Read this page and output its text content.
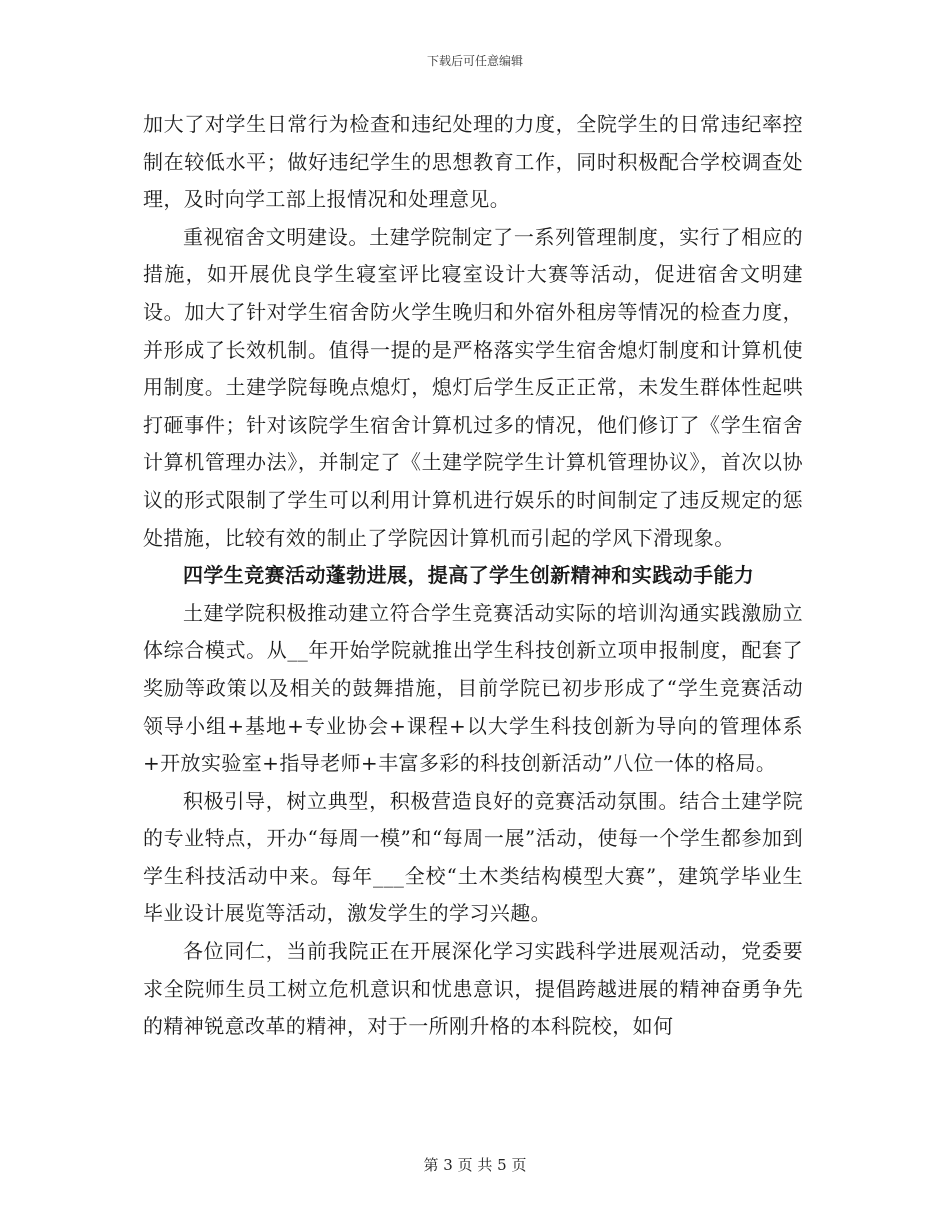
下载后可任意编辑

加大了对学生日常行为检查和违纪处理的力度，全院学生的日常违纪率控制在较低水平；做好违纪学生的思想教育工作，同时积极配合学校调查处理，及时向学工部上报情况和处理意见。

重视宿舍文明建设。土建学院制定了一系列管理制度，实行了相应的措施，如开展优良学生寝室评比寝室设计大赛等活动，促进宿舍文明建设。加大了针对学生宿舍防火学生晚归和外宿外租房等情况的检查力度，并形成了长效机制。值得一提的是严格落实学生宿舍熄灯制度和计算机使用制度。土建学院每晚点熄灯，熄灯后学生反正正常，未发生群体性起哄打砸事件；针对该院学生宿舍计算机过多的情况，他们修订了《学生宿舍计算机管理办法》，并制定了《土建学院学生计算机管理协议》，首次以协议的形式限制了学生可以利用计算机进行娱乐的时间制定了违反规定的惩处措施，比较有效的制止了学院因计算机而引起的学风下滑现象。

四学生竞赛活动蓬勃进展，提高了学生创新精神和实践动手能力

土建学院积极推动建立符合学生竞赛活动实际的培训沟通实践激励立体综合模式。从__年开始学院就推出学生科技创新立项申报制度，配套了奖励等政策以及相关的鼓舞措施，目前学院已初步形成了“学生竞赛活动领导小组+基地+专业协会+课程+以大学生科技创新为导向的管理体系+开放实验室+指导老师+丰富多彩的科技创新活动”八位一体的格局。

积极引导，树立典型，积极营造良好的竞赛活动氛围。结合土建学院的专业特点，开办“每周一模”和“每周一展”活动，使每一个学生都参加到学生科技活动中来。每年___全校“土木类结构模型大赛”，建筑学毕业生毕业设计展览等活动，激发学生的学习兴趣。

各位同仁，当前我院正在开展深化学习实践科学进展观活动，党委要求全院师生员工树立危机意识和忧患意识，提倡跨越进展的精神奋勇争先的精神锐意改革的精神，对于一所刚升格的本科院校，如何

第 3 页 共 5 页
